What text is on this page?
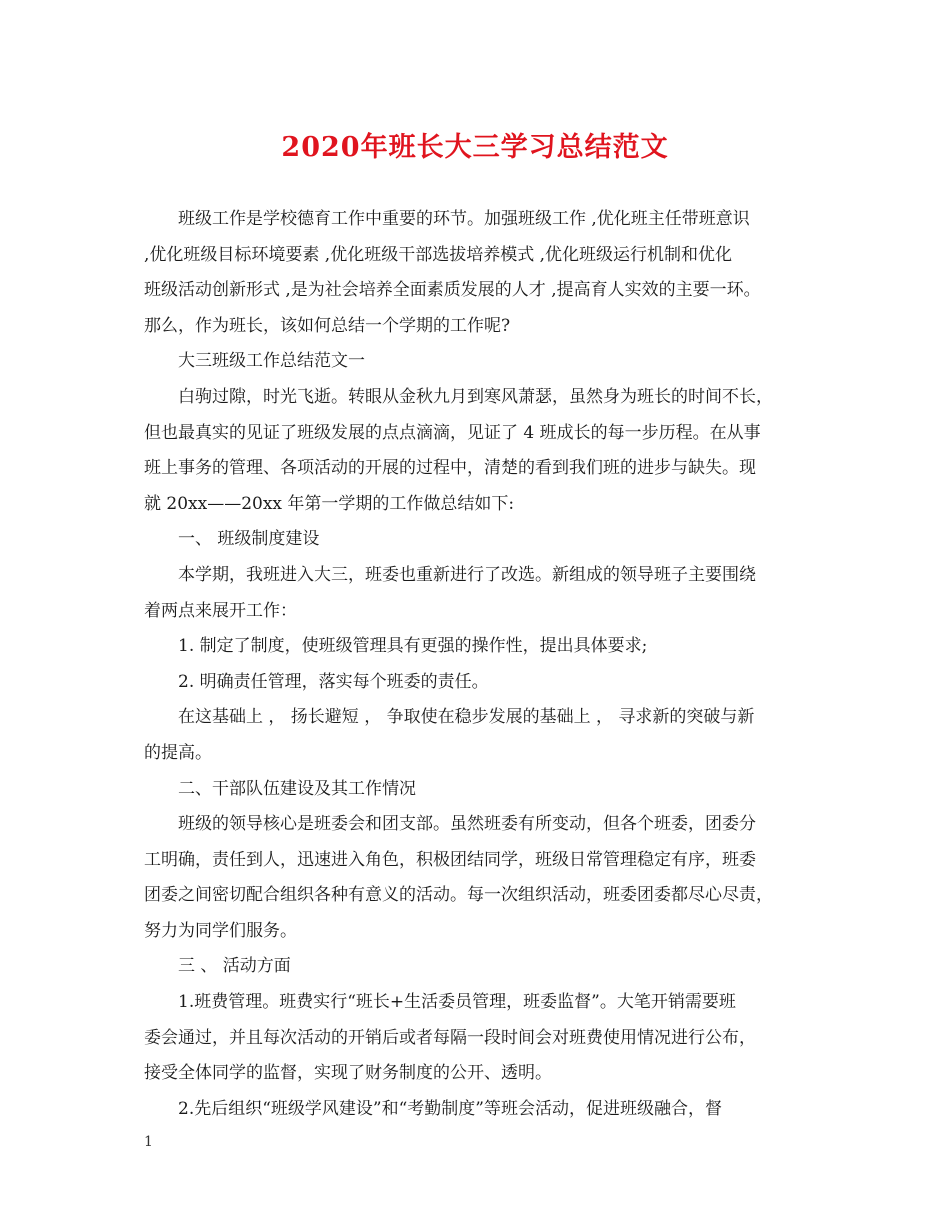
2020年班长大三学习总结范文

班级工作是学校德育工作中重要的环节。加强班级工作 ,优化班主任带班意识
,优化班级目标环境要素 ,优化班级干部选拔培养模式 ,优化班级运行机制和优化
班级活动创新形式 ,是为社会培养全面素质发展的人才 ,提高育人实效的主要一环。
那么，作为班长，该如何总结一个学期的工作呢?

大三班级工作总结范文一

白驹过隙，时光飞逝。转眼从金秋九月到寒风萧瑟，虽然身为班长的时间不长，
但也最真实的见证了班级发展的点点滴滴，见证了 4 班成长的每一步历程。在从事
班上事务的管理、各项活动的开展的过程中，清楚的看到我们班的进步与缺失。现
就 20xx——20xx 年第一学期的工作做总结如下:

一、 班级制度建设

本学期，我班进入大三，班委也重新进行了改选。新组成的领导班子主要围绕
着两点来展开工作：

1. 制定了制度，使班级管理具有更强的操作性，提出具体要求;

2. 明确责任管理，落实每个班委的责任。

在这基础上 ， 扬长避短 ， 争取使在稳步发展的基础上 ， 寻求新的突破与新
的提高。

二、干部队伍建设及其工作情况

班级的领导核心是班委会和团支部。虽然班委有所变动，但各个班委，团委分
工明确，责任到人，迅速进入角色，积极团结同学，班级日常管理稳定有序，班委
团委之间密切配合组织各种有意义的活动。每一次组织活动，班委团委都尽心尽责，
努力为同学们服务。

三 、 活动方面

1.班费管理。班费实行“班长+生活委员管理，班委监督”。大笔开销需要班
委会通过，并且每次活动的开销后或者每隔一段时间会对班费使用情况进行公布，
接受全体同学的监督，实现了财务制度的公开、透明。

2.先后组织“班级学风建设”和“考勤制度”等班会活动，促进班级融合，督

1
